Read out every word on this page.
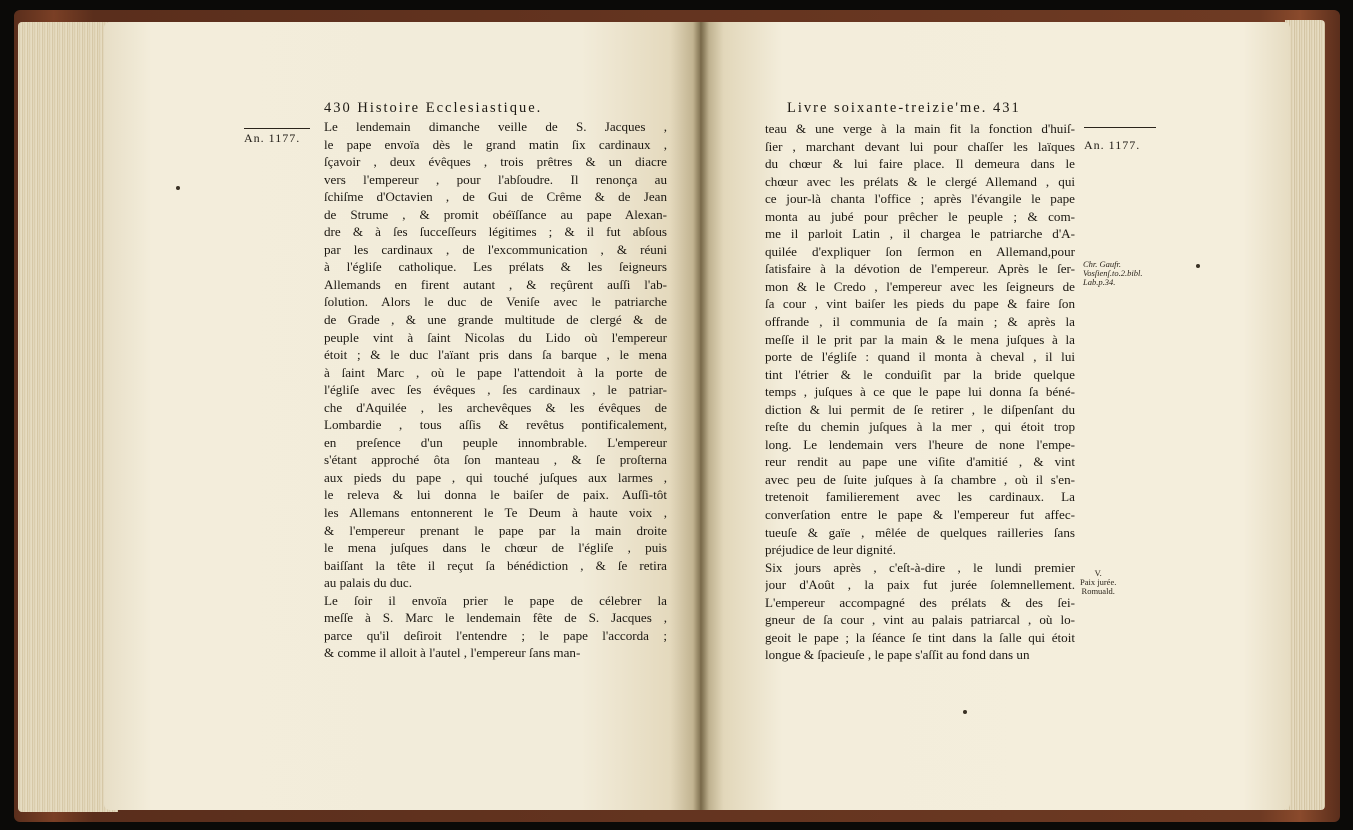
430 Histoire Ecclesiastique.
An. 1177.
Le lendemain dimanche veille de S. Jacques ,
le pape envoïa dès le grand matin ſix cardinaux ,
ſçavoir , deux évêques , trois prêtres & un diacre
vers l'empereur , pour l'abſoudre. Il renonça au
ſchiſme d'Octavien , de Gui de Crême & de Jean
de Strume , & promit obéïſſance au pape Alexan-
dre & à ſes ſucceſſeurs légitimes ; & il fut abſous
par les cardinaux , de l'excommunication , & réuni
à l'égliſe catholique. Les prélats & les ſeigneurs
Allemands en firent autant , & reçûrent auſſi l'ab-
ſolution. Alors le duc de Veniſe avec le patriarche
de Grade , & une grande multitude de clergé & de
peuple vint à ſaint Nicolas du Lido où l'empereur
étoit ; & le duc l'aïant pris dans ſa barque , le mena
à ſaint Marc , où le pape l'attendoit à la porte de
l'égliſe avec ſes évêques , ſes cardinaux , le patriar-
che d'Aquilée , les archevêques & les évêques de
Lombardie , tous aſſis & revêtus pontificalement,
en preſence d'un peuple innombrable. L'empereur
s'étant approché ôta ſon manteau , & ſe proſterna
aux pieds du pape , qui touché juſques aux larmes ,
le releva & lui donna le baiſer de paix. Auſſi-tôt
les Allemans entonnerent le Te Deum à haute voix ,
& l'empereur prenant le pape par la main droite
le mena juſques dans le chœur de l'égliſe , puis
baiſſant la tête il reçut ſa bénédiction , & ſe retira
au palais du duc.
Le ſoir il envoïa prier le pape de célebrer la
meſſe à S. Marc le lendemain fête de S. Jacques ,
parce qu'il deſiroit l'entendre ; le pape l'accorda ;
& comme il alloit à l'autel , l'empereur ſans man-
Livre soixante-treizie'me. 431
An. 1177.
Chr. Gaufr.
Vosſienſ.to.2.bibl.
Lab.p.34.
V.
Paix jurée.
Romuald.
teau & une verge à la main fit la fonction d'huiſ-
ſier , marchant devant lui pour chaſſer les laïques
du chœur & lui faire place. Il demeura dans le
chœur avec les prélats & le clergé Allemand , qui
ce jour-là chanta l'office ; après l'évangile le pape
monta au jubé pour prêcher le peuple ; & com-
me il parloit Latin , il chargea le patriarche d'A-
quilée d'expliquer ſon ſermon en Allemand,pour
ſatisfaire à la dévotion de l'empereur. Après le ſer-
mon & le Credo , l'empereur avec les ſeigneurs de
ſa cour , vint baiſer les pieds du pape & faire ſon
offrande , il communia de ſa main ; & après la
meſſe il le prit par la main & le mena juſques à la
porte de l'égliſe : quand il monta à cheval , il lui
tint l'étrier & le conduiſit par la bride quelque
temps , juſques à ce que le pape lui donna ſa béné-
diction & lui permit de ſe retirer , le diſpenſant du
reſte du chemin juſques à la mer , qui étoit trop
long. Le lendemain vers l'heure de none l'empe-
reur rendit au pape une viſite d'amitié , & vint
avec peu de ſuite juſques à ſa chambre , où il s'en-
tretenoit familierement avec les cardinaux. La
converſation entre le pape & l'empereur fut affec-
tueuſe & gaïe , mêlée de quelques railleries ſans
préjudice de leur dignité.
Six jours après , c'eſt-à-dire , le lundi premier
jour d'Août , la paix fut jurée ſolemnellement.
L'empereur accompagné des prélats & des ſei-
gneur de ſa cour , vint au palais patriarcal , où lo-
geoit le pape ; la ſéance ſe tint dans la ſalle qui étoit
longue & ſpacieuſe , le pape s'aſſit au fond dans un
